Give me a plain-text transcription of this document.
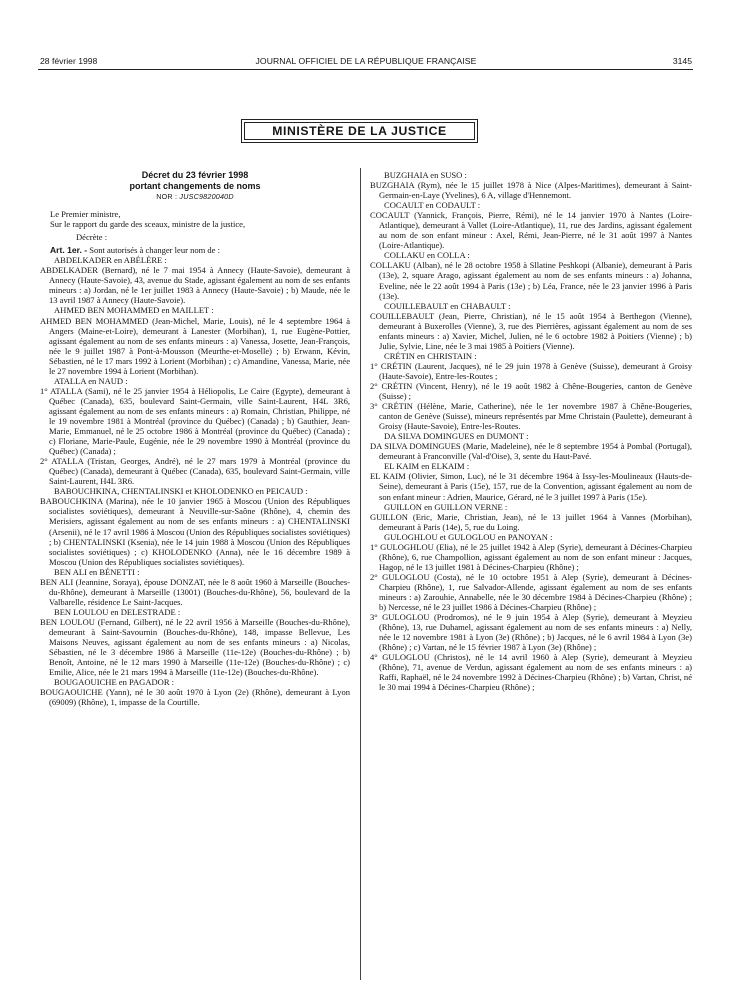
28 février 1998	JOURNAL OFFICIEL DE LA RÉPUBLIQUE FRANÇAISE	3145
MINISTÈRE DE LA JUSTICE
Décret du 23 février 1998
portant changements de noms
NOR : JUSC9820040D

Le Premier ministre,

Sur le rapport du garde des sceaux, ministre de la justice,

Décrète :

Art. 1er. - Sont autorisés à changer leur nom de :

ABDELKADER en ABÉLÈRE :

ABDELKADER (Bernard), né le 7 mai 1954 à Annecy (Haute-Savoie), demeurant à Annecy (Haute-Savoie), 43, avenue du Stade, agissant également au nom de ses enfants mineurs : a) Jordan, né le 1er juillet 1983 à Annecy (Haute-Savoie) ; b) Maude, née le 13 avril 1987 à Annecy (Haute-Savoie).

AHMED BEN MOHAMMED en MAILLET :

AHMED BEN MOHAMMED (Jean-Michel, Marie, Louis), né le 4 septembre 1964 à Angers (Maine-et-Loire), demeurant à Lanester (Morbihan), 1, rue Eugène-Pottier, agissant également au nom de ses enfants mineurs : a) Vanessa, Josette, Jean-François, née le 9 juillet 1987 à Pont-à-Mousson (Meurthe-et-Moselle) ; b) Erwann, Kévin, Sébastien, né le 17 mars 1992 à Lorient (Morbihan) ; c) Amandine, Vanessa, Marie, née le 27 novembre 1994 à Lorient (Morbihan).

ATALLA en NAUD :

1° ATALLA (Sami), né le 25 janvier 1954 à Héliopolis, Le Caire (Egypte), demeurant à Québec (Canada), 635, boulevard Saint-Germain, ville Saint-Laurent, H4L 3R6, agissant également au nom de ses enfants mineurs : a) Romain, Christian, Philippe, né le 19 novembre 1981 à Montréal (province du Québec) (Canada) ; b) Gauthier, Jean-Marie, Emmanuel, né le 25 octobre 1986 à Montréal (province du Québec) (Canada) ; c) Floriane, Marie-Paule, Eugénie, née le 29 novembre 1990 à Montréal (province du Québec) (Canada) ;

2° ATALLA (Tristan, Georges, André), né le 27 mars 1979 à Montréal (province du Québec) (Canada), demeurant à Québec (Canada), 635, boulevard Saint-Germain, ville Saint-Laurent, H4L 3R6.

BABOUCHKINA, CHENTALINSKI et KHOLODENKO en PEICAUD :

BABOUCHKINA (Marina), née le 10 janvier 1965 à Moscou (Union des Républiques socialistes soviétiques), demeurant à Neuville-sur-Saône (Rhône), 4, chemin des Merisiers, agissant également au nom de ses enfants mineurs : a) CHENTALINSKI (Arsenii), né le 17 avril 1986 à Moscou (Union des Républiques socialistes soviétiques) ; b) CHENTALINSKI (Ksenia), née le 14 juin 1988 à Moscou (Union des Républiques socialistes soviétiques) ; c) KHOLODENKO (Anna), née le 16 décembre 1989 à Moscou (Union des Républiques socialistes soviétiques).

BEN ALI en BÉNETTI :

BEN ALI (Jeannine, Soraya), épouse DONZAT, née le 8 août 1960 à Marseille (Bouches-du-Rhône), demeurant à Marseille (13001) (Bouches-du-Rhône), 56, boulevard de la Valbarelle, résidence Le Saint-Jacques.

BEN LOULOU en DELESTRADE :

BEN LOULOU (Fernand, Gilbert), né le 22 avril 1956 à Marseille (Bouches-du-Rhône), demeurant à Saint-Savournin (Bouches-du-Rhône), 148, impasse Bellevue, Les Maisons Neuves, agissant également au nom de ses enfants mineurs : a) Nicolas, Sébastien, né le 3 décembre 1986 à Marseille (11e-12e) (Bouches-du-Rhône) ; b) Benoît, Antoine, né le 12 mars 1990 à Marseille (11e-12e) (Bouches-du-Rhône) ; c) Emilie, Alice, née le 21 mars 1994 à Marseille (11e-12e) (Bouches-du-Rhône).

BOUGAOUICHE en PAGADOR :

BOUGAOUICHE (Yann), né le 30 août 1970 à Lyon (2e) (Rhône), demeurant à Lyon (69009) (Rhône), 1, impasse de la Courtille.

BUZGHAIA en SUSO :

BUZGHAIA (Rym), née le 15 juillet 1978 à Nice (Alpes-Maritimes), demeurant à Saint-Germain-en-Laye (Yvelines), 6 A, village d'Hennemont.

COCAULT en CODAULT :

COCAULT (Yannick, François, Pierre, Rémi), né le 14 janvier 1970 à Nantes (Loire-Atlantique), demeurant à Vallet (Loire-Atlantique), 11, rue des Jardins, agissant également au nom de son enfant mineur : Axel, Rémi, Jean-Pierre, né le 31 août 1997 à Nantes (Loire-Atlantique).

COLLAKU en COLLA :

COLLAKU (Alban), né le 28 octobre 1958 à Sllatine Peshkopi (Albanie), demeurant à Paris (13e), 2, square Arago, agissant également au nom de ses enfants mineurs : a) Johanna, Eveline, née le 22 août 1994 à Paris (13e) ; b) Léa, France, née le 23 janvier 1996 à Paris (13e).

COUILLEBAULT en CHABAULT :

COUILLEBAULT (Jean, Pierre, Christian), né le 15 août 1954 à Berthegon (Vienne), demeurant à Buxerolles (Vienne), 3, rue des Pierrières, agissant également au nom de ses enfants mineurs : a) Xavier, Michel, Julien, né le 6 octobre 1982 à Poitiers (Vienne) ; b) Julie, Sylvie, Line, née le 3 mai 1985 à Poitiers (Vienne).

CRÉTIN en CHRISTAIN :

1° CRÉTIN (Laurent, Jacques), né le 29 juin 1978 à Genève (Suisse), demeurant à Groisy (Haute-Savoie), Entre-les-Routes ;

2° CRÉTIN (Vincent, Henry), né le 19 août 1982 à Chêne-Bougeries, canton de Genève (Suisse) ;

3° CRÉTIN (Hélène, Marie, Catherine), née le 1er novembre 1987 à Chêne-Bougeries, canton de Genève (Suisse), mineurs représentés par Mme Christain (Paulette), demeurant à Groisy (Haute-Savoie), Entre-les-Routes.

DA SILVA DOMINGUES en DUMONT :

DA SILVA DOMINGUES (Marie, Madeleine), née le 8 septembre 1954 à Pombal (Portugal), demeurant à Franconville (Val-d'Oise), 3, sente du Haut-Pavé.

EL KAIM en ELKAIM :

EL KAIM (Olivier, Simon, Luc), né le 31 décembre 1964 à Issy-les-Moulineaux (Hauts-de-Seine), demeurant à Paris (15e), 157, rue de la Convention, agissant également au nom de son enfant mineur : Adrien, Maurice, Gérard, né le 3 juillet 1997 à Paris (15e).

GUILLON en GUILLON VERNE :

GUILLON (Eric, Marie, Christian, Jean), né le 13 juillet 1964 à Vannes (Morbihan), demeurant à Paris (14e), 5, rue du Loing.

GULOGHLOU et GULOGLOU en PANOYAN :

1° GULOGHLOU (Elia), né le 25 juillet 1942 à Alep (Syrie), demeurant à Décines-Charpieu (Rhône), 6, rue Champollion, agissant également au nom de son enfant mineur : Jacques, Hagop, né le 13 juillet 1981 à Décines-Charpieu (Rhône) ;

2° GULOGLOU (Costa), né le 10 octobre 1951 à Alep (Syrie), demeurant à Décines-Charpieu (Rhône), 1, rue Salvador-Allende, agissant également au nom de ses enfants mineurs : a) Zarouhie, Annabelle, née le 30 décembre 1984 à Décines-Charpieu (Rhône) ; b) Nercesse, né le 23 juillet 1986 à Décines-Charpieu (Rhône) ;

3° GULOGLOU (Prodromos), né le 9 juin 1954 à Alep (Syrie), demeurant à Meyzieu (Rhône), 13, rue Duhamel, agissant également au nom de ses enfants mineurs : a) Nelly, née le 12 novembre 1981 à Lyon (3e) (Rhône) ; b) Jacques, né le 6 avril 1984 à Lyon (3e) (Rhône) ; c) Vartan, né le 15 février 1987 à Lyon (3e) (Rhône) ;

4° GULOGLOU (Christos), né le 14 avril 1960 à Alep (Syrie), demeurant à Meyzieu (Rhône), 71, avenue de Verdun, agissant également au nom de ses enfants mineurs : a) Raffi, Raphaël, né le 24 novembre 1992 à Décines-Charpieu (Rhône) ; b) Vartan, Christ, né le 30 mai 1994 à Décines-Charpieu (Rhône) ;
